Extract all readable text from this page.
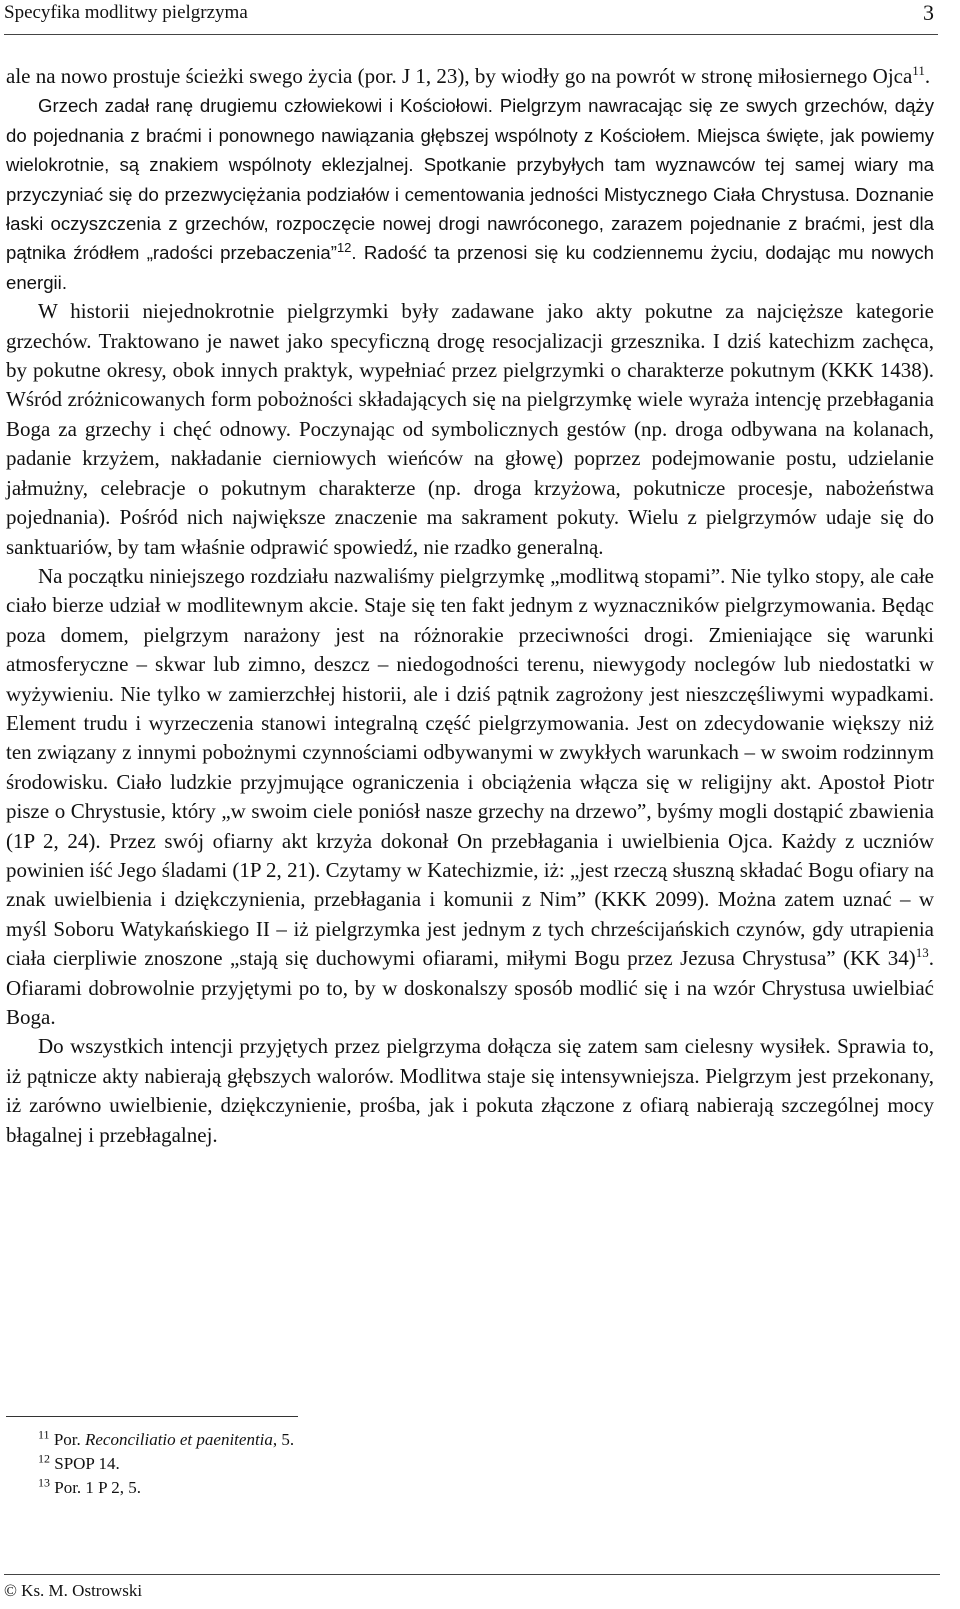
Specyfika modlitwy pielgrzyma	3

ale na nowo prostuje ścieżki swego życia (por. J 1, 23), by wiodły go na powrót w stronę miłosiernego Ojca$^{11}$.

Grzech zadał ranę drugiemu człowiekowi i Kościołowi. Pielgrzym nawracając się ze swych grzechów, dąży do pojednania z braćmi i ponownego nawiązania głębszej wspólnoty z Kościołem. Miejsca święte, jak powiemy wielokrotnie, są znakiem wspólnoty eklezjalnej. Spotkanie przybyłych tam wyznawców tej samej wiary ma przyczyniać się do przezwyciężania podziałów i cementowania jedności Mistycznego Ciała Chrystusa. Doznanie łaski oczyszczenia z grzechów, rozpoczęcie nowej drogi nawróconego, zarazem pojednanie z braćmi, jest dla pątnika źródłem „radości przebaczenia”$^{12}$. Radość ta przenosi się ku codziennemu życiu, dodając mu nowych energii.

W historii niejednokrotnie pielgrzymki były zadawane jako akty pokutne za najcięższe kategorie grzechów. Traktowano je nawet jako specyficzną drogę resocjalizacji grzesznika. I dziś katechizm zachęca, by pokutne okresy, obok innych praktyk, wypełniać przez pielgrzymki o charakterze pokutnym (KKK 1438). Wśród zróżnicowanych form pobożności składających się na pielgrzymkę wiele wyraża intencję przebłagania Boga za grzechy i chęć odnowy. Poczynając od symbolicznych gestów (np. droga odbywana na kolanach, padanie krzyżem, nakładanie cierniowych wieńców na głowę) poprzez podejmowanie postu, udzielanie jałmużny, celebracje o pokutnym charakterze (np. droga krzyżowa, pokutnicze procesje, nabożeństwa pojednania). Pośród nich największe znaczenie ma sakrament pokuty. Wielu z pielgrzymów udaje się do sanktuariów, by tam właśnie odprawić spowiedź, nie rzadko generalną.

Na początku niniejszego rozdziału nazwaliśmy pielgrzymkę „modlitwą stopami”. Nie tylko stopy, ale całe ciało bierze udział w modlitewnym akcie. Staje się ten fakt jednym z wyznaczników pielgrzymowania. Będąc poza domem, pielgrzym narażony jest na różnorakie przeciwności drogi. Zmieniające się warunki atmosferyczne – skwar lub zimno, deszcz – niedogodności terenu, niewygody noclegów lub niedostatki w wyżywieniu. Nie tylko w zamierzchłej historii, ale i dziś pątnik zagrożony jest nieszczęśliwymi wypadkami. Element trudu i wyrzeczenia stanowi integralną część pielgrzymowania. Jest on zdecydowanie większy niż ten związany z innymi pobożnymi czynnościami odbywanymi w zwykłych warunkach – w swoim rodzinnym środowisku. Ciało ludzkie przyjmujące ograniczenia i obciążenia włącza się w religijny akt. Apostoł Piotr pisze o Chrystusie, który „w swoim ciele poniósł nasze grzechy na drzewo”, byśmy mogli dostąpić zbawienia (1P 2, 24). Przez swój ofiarny akt krzyża dokonał On przebłagania i uwielbienia Ojca. Każdy z uczniów powinien iść Jego śladami (1P 2, 21). Czytamy w Katechizmie, iż: „jest rzeczą słuszną składać Bogu ofiary na znak uwielbienia i dziękczynienia, przebłagania i komunii z Nim” (KKK 2099). Można zatem uznać – w myśl Soboru Watykańskiego II – iż pielgrzymka jest jednym z tych chrześcijańskich czynów, gdy utrapienia ciała cierpliwie znoszone „stają się duchowymi ofiarami, miłymi Bogu przez Jezusa Chrystusa” (KK 34)$^{13}$. Ofiarami dobrowolnie przyjętymi po to, by w doskonalszy sposób modlić się i na wzór Chrystusa uwielbiać Boga.

Do wszystkich intencji przyjętych przez pielgrzyma dołącza się zatem sam cielesny wysiłek. Sprawia to, iż pątnicze akty nabierają głębszych walorów. Modlitwa staje się intensywniejsza. Pielgrzym jest przekonany, iż zarówno uwielbienie, dziękczynienie, prośba, jak i pokuta złączone z ofiarą nabierają szczególnej mocy błagalnej i przebłagalnej.

$^{11}$ Por. Reconciliatio et paenitentia, 5.
$^{12}$ SPOP 14.
$^{13}$ Por. 1 P 2, 5.
© Ks. M. Ostrowski
